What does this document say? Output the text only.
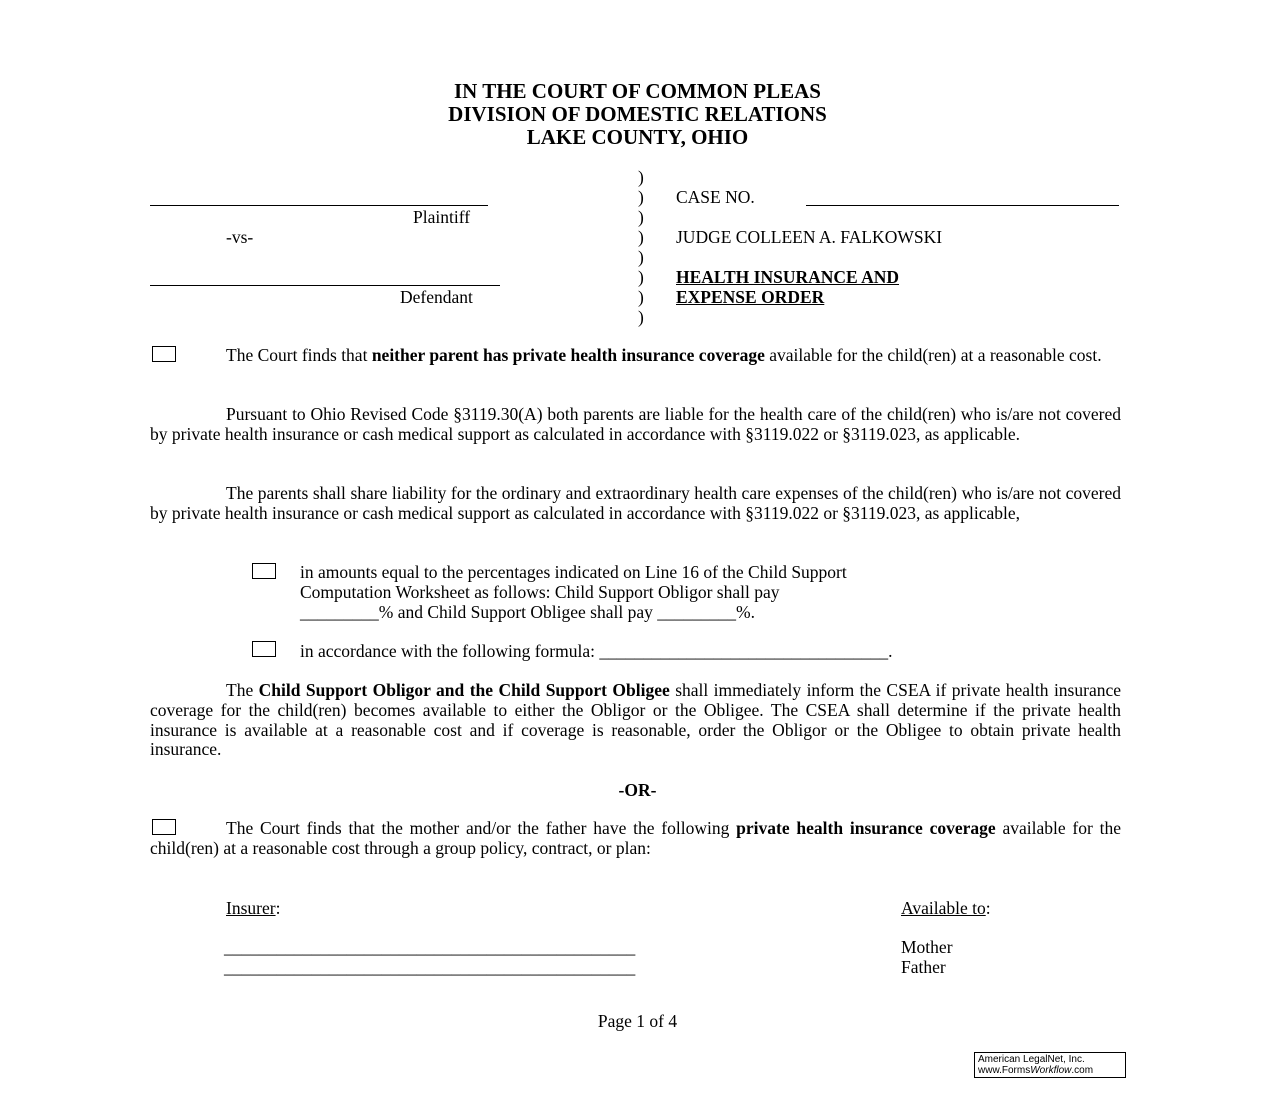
IN THE COURT OF COMMON PLEAS
DIVISION OF DOMESTIC RELATIONS
LAKE COUNTY, OHIO
Plaintiff
-vs-
Defendant
)
)
)
)
)
)
)
)
CASE NO.
JUDGE COLLEEN A. FALKOWSKI
HEALTH INSURANCE AND
EXPENSE ORDER

The Court finds that neither parent has private health insurance coverage available for the child(ren) at a reasonable cost.

Pursuant to Ohio Revised Code §3119.30(A) both parents are liable for the health care of the child(ren) who is/are not covered by private health insurance or cash medical support as calculated in accordance with §3119.022 or §3119.023, as applicable.

The parents shall share liability for the ordinary and extraordinary health care expenses of the child(ren) who is/are not covered by private health insurance or cash medical support as calculated in accordance with §3119.022 or §3119.023, as applicable,

in amounts equal to the percentages indicated on Line 16 of the Child Support
Computation Worksheet as follows: Child Support Obligor shall pay
_________% and Child Support Obligee shall pay _________%.
in accordance with the following formula: _________________________________.

The Child Support Obligor and the Child Support Obligee shall immediately inform the CSEA if private health insurance coverage for the child(ren) becomes available to either the Obligor or the Obligee. The CSEA shall determine if the private health insurance is available at a reasonable cost and if coverage is reasonable, order the Obligor or the Obligee to obtain private health insurance.

-OR-

The Court finds that the mother and/or the father have the following private health insurance coverage available for the child(ren) at a reasonable cost through a group policy, contract, or plan:

Insurer:	Available to:
_______________________________________________
_______________________________________________
Mother
Father
Page 1 of 4
American LegalNet, Inc.
www.FormsWorkflow.com
